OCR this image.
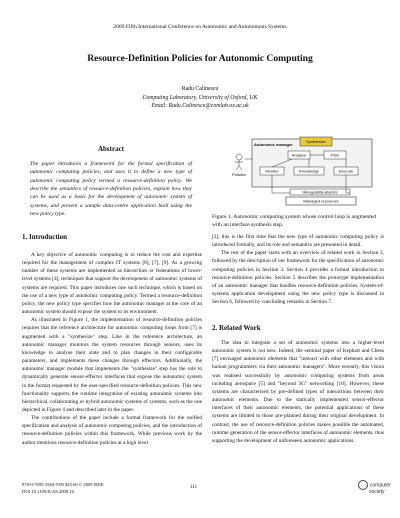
2009 Fifth International Conference on Autonomic and Autonomous Systems
Resource-Definition Policies for Autonomic Computing
Radu Calinescu
Computing Laboratory, University of Oxford, UK
Email: Radu.Calinescu@comlab.ox.ac.uk
Abstract
The paper introduces a framework for the formal specification of autonomic computing policies, and uses it to define a new type of autonomic computing policy termed a resource-definition policy. We describe the semantics of resource-definition policies, explain how they can be used as a basis for the development of autonomic system of systems, and present a sample data-centre application built using the new policy type.
1. Introduction

A key objective of autonomic computing is to reduce the cost and expertise required for the management of complex IT systems [6], [7], [9]. As a growing number of these systems are implemented as hierarchies or federations of lower-level systems [4], techniques that support the development of autonomic systems of systems are required. This paper introduces one such technique, which is based on the use of a new type of autonomic computing policy. Termed a resource-definition policy, the new policy type specifies how the autonomic manager at the core of an autonomic system should expose the system to its environment.

As illustrated in Figure 1, the implementation of resource-definition policies requires that the reference architecture for autonomic computing loops from [7] is augmented with a "synthesize" step. Like in the reference architecture, an autonomic manager monitors the system resources through sensors, uses its knowledge to analyse their state and to plan changes in their configurable parameters, and implements these changes through effectors. Additionally, the autonomic manager module that implements the "synthesize" step has the role to dynamically generate sensor-effector interfaces that expose the autonomic system in the format requested by the user-specified resource-definition policies. This new functionality supports the runtime integration of existing autonomic systems into hierarchical, collaborating or hybrid autonomic systems of systems, such as the one depicted in Figure 4 and described later in the paper.

The contributions of the paper include a formal framework for the unified specification and analysis of autonomic computing policies, and the introduction of resource-definition policies within this framework. While previous work by the author mentions resource-definition policies at a high level

Autonomic manager
Synthesize
Analyse	Plan
Monitor	Knowledge	Execute
Policies
Manageability adaptors
Managed resources
Figure 1. Autonomic computing system whose control loop is augmented with an interface synthesis step.

[3], this is the first time that the new type of autonomic computing policy is introduced formally, and its role and semantics are presented in detail.

The rest of the paper starts with an overview of related work in Section 2, followed by the description of our framework for the specification of autonomic computing policies in Section 3. Section 4 provides a formal introduction to resource-definition policies. Section 5 describes the prototype implementation of an autonomic manager that handles resource-definition policies. System-of-systems application development using the new policy type is discussed in Section 6, followed by concluding remarks in Section 7.

2. Related Work

The idea to integrate a set of autonomic systems into a higher-level autonomic system is not new. Indeed, the seminal paper of Kephart and Chess [7] envisaged autonomic elements that "interact with other elements and with human programmers via their autonomic managers". More recently, this vision was realised successfully by autonomic computing systems from areas including aerospace [5] and "beyond 3G" networking [10]. However, these systems are characterised by pre-defined types of interactions between their autonomic elements. Due to the statically implemented sensor-effector interfaces of their autonomic elements, the potential applications of these systems are limited to those pre-planned during their original development. In contrast, the use of resource-definition policies makes possible the automated, runtime generation of the sensor-effector interfaces of autonomic elements, thus supporting the development of unforeseen autonomic applications.

978-0-7695-3584-5/09 $25.00 © 2009 IEEE
DOI 10.1109/ICAS.2009.16
111	computer
society
